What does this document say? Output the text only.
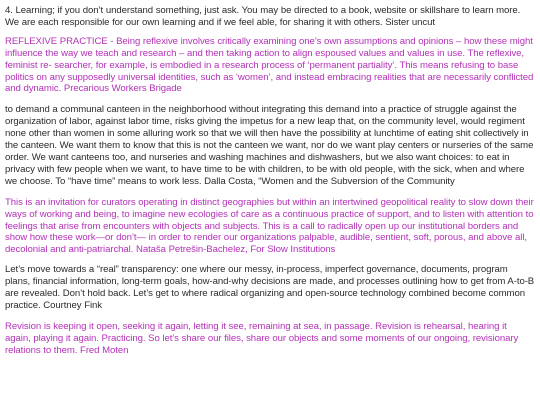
4. Learning; if you don’t understand something, just ask. You may be directed to a book, website or skillshare to learn more. We are each responsible for our own learning and if we feel able, for sharing it with others. Sister uncut

REFLEXIVE PRACTICE - Being reflexive involves critically examining one’s own assumptions and opinions – how these might influence the way we teach and research – and then taking action to align espoused values and values in use. The reflexive, feminist re- searcher, for example, is embodied in a research process of ‘permanent partiality’. This means refusing to base politics on any supposedly universal identities, such as ‘women’, and instead embracing realities that are necessarily conflicted and dynamic. Precarious Workers Brigade

to demand a communal canteen in the neighborhood without integrating this demand into a practice of struggle against the organization of labor, against labor time, risks giving the impetus for a new leap that, on the community level, would regiment none other than women in some alluring work so that we will then have the possibility at lunchtime of eating shit collectively in the canteen. We want them to know that this is not the canteen we want, nor do we want play centers or nurseries of the same order. We want canteens too, and nurseries and washing machines and dishwashers, but we also want choices: to eat in privacy with few people when we want, to have time to be with children, to be with old people, with the sick, when and where we choose. To “have time” means to work less. Dalla Costa, “Women and the Subversion of the Community

This is an invitation for curators operating in distinct geographies but within an intertwined geopolitical reality to slow down their ways of working and being, to imagine new ecologies of care as a continuous practice of support, and to listen with attention to feelings that arise from encounters with objects and subjects. This is a call to radically open up our institutional borders and show how these work—or don’t— in order to render our organizations palpable, audible, sentient, soft, porous, and above all, decolonial and anti-patriarchal. Nataša Petrešin-Bachelez, For Slow Institutions

Let’s move towards a “real” transparency: one where our messy, in-process, imperfect governance, documents, program plans, financial information, long-term goals, how-and-why decisions are made, and processes outlining how to get from A-to-B are revealed. Don’t hold back. Let’s get to where radical organizing and open-source technology combined become common practice. Courtney Fink

Revision is keeping it open, seeking it again, letting it see, remaining at sea, in passage. Revision is rehearsal, hearing it again, playing it again. Practicing. So let’s share our files, share our objects and some moments of our ongoing, revisionary relations to them. Fred Moten
